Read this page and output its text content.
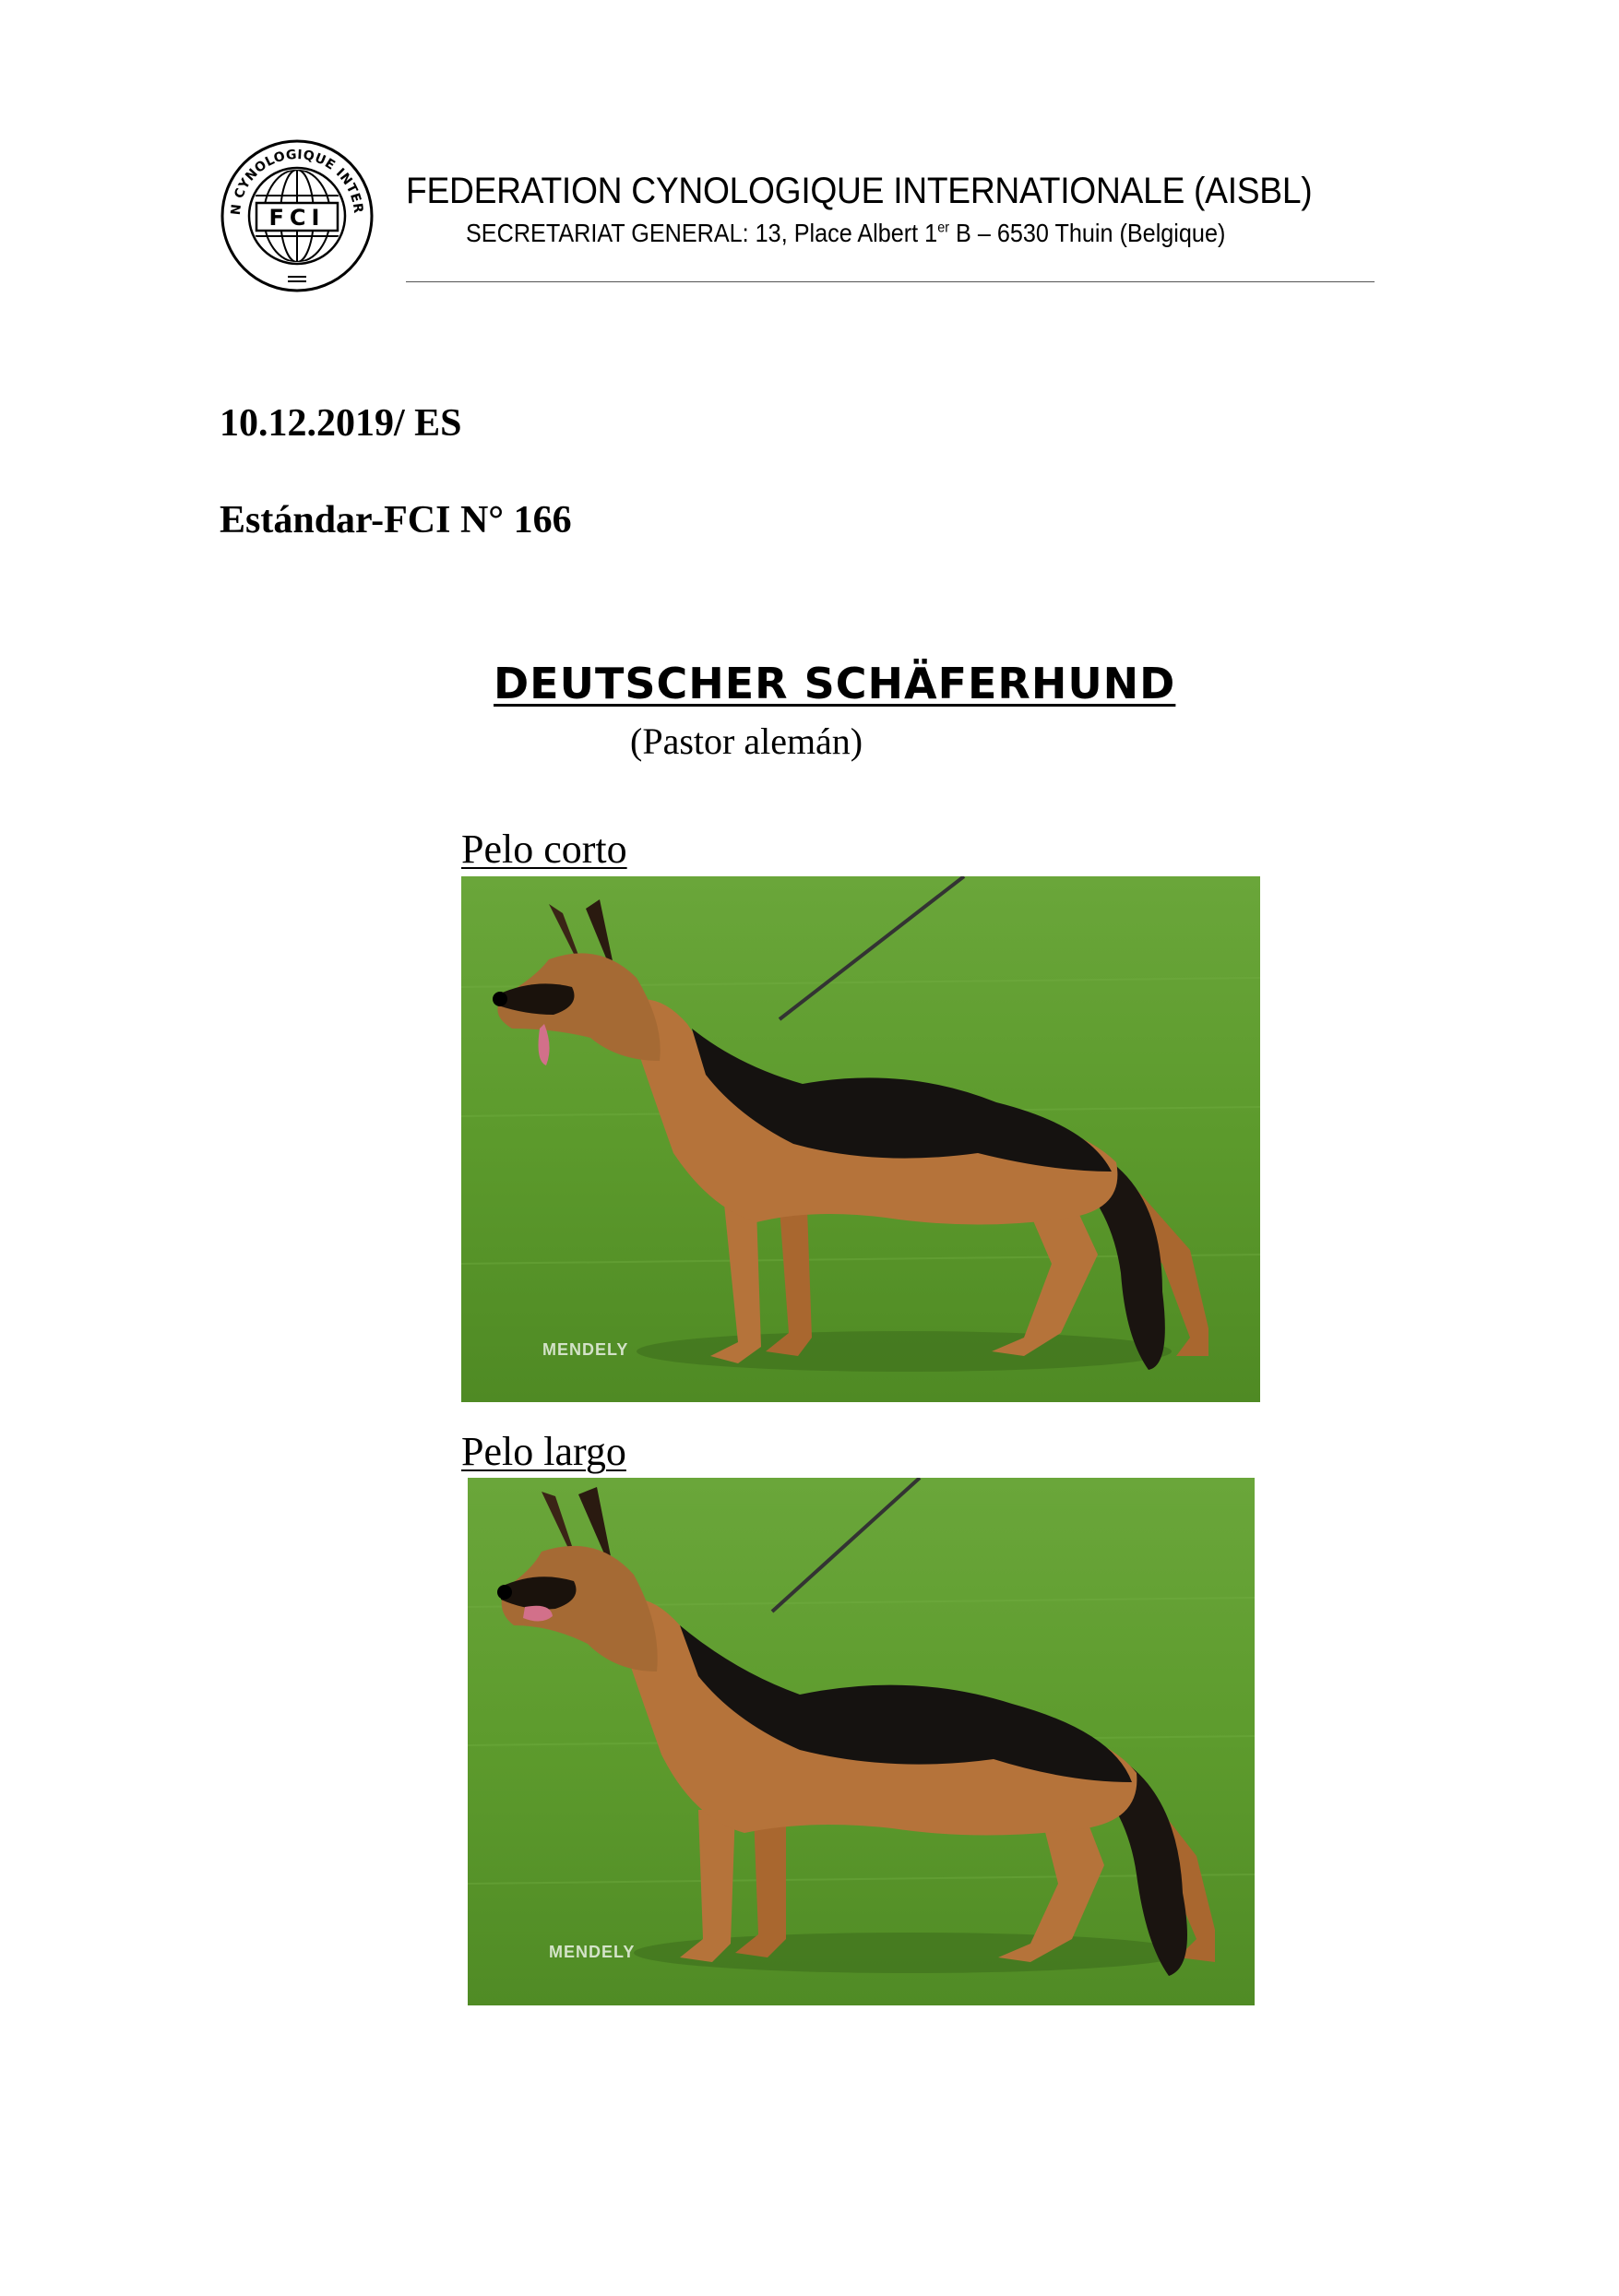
N CYNOLOGIQUE INTER
FCI
FEDERATION CYNOLOGIQUE INTERNATIONALE (AISBL)
SECRETARIAT GENERAL: 13, Place Albert 1er B – 6530 Thuin (Belgique)
10.12.2019/ ES
Estándar-FCI N° 166
DEUTSCHER SCHÄFERHUND
(Pastor alemán)
Pelo corto
MENDELY
Pelo largo
MENDELY
